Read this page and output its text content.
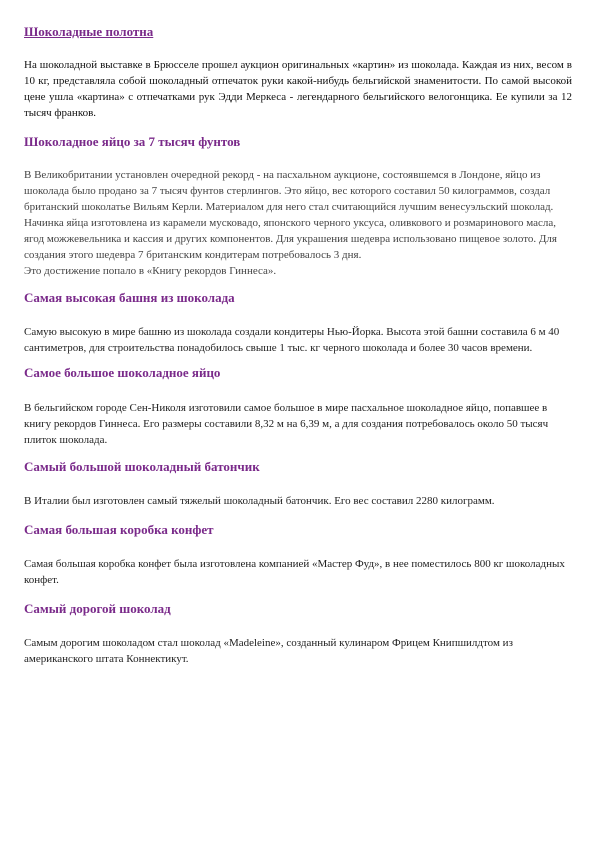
Шоколадные полотна
На шоколадной выставке в Брюсселе прошел аукцион оригинальных «картин» из шоколада. Каждая из них, весом в 10 кг, представляла собой шоколадный отпечаток руки какой-нибудь бельгийской знаменитости. По самой высокой цене ушла «картина» с отпечатками рук Эдди Меркеса - легендарного бельгийского велогонщика. Ее купили за 12 тысяч франков.
Шоколадное яйцо за 7 тысяч фунтов

В Великобритании установлен очередной рекорд - на пасхальном аукционе, состоявшемся в Лондоне, яйцо из шоколада было продано за 7 тысяч фунтов стерлингов. Это яйцо, вес которого составил 50 килограммов, создал британский шоколатье Вильям Керли. Материалом для него стал считающийся лучшим венесуэльский шоколад. Начинка яйца изготовлена из карамели мусковадо, японского черного уксуса, оливкового и розмаринового масла, ягод можжевельника и кассия и других компонентов. Для украшения шедевра использовано пищевое золото. Для создания этого шедевра 7 британским кондитерам потребовалось 3 дня.

Это достижение попало в «Книгу рекордов Гиннеса».

Самая высокая башня из шоколада

Самую высокую в мире башню из шоколада создали кондитеры Нью-Йорка. Высота этой башни составила 6 м 40 сантиметров, для строительства понадобилось свыше 1 тыс. кг черного шоколада и более 30 часов времени.

Самое большое шоколадное яйцо

В бельгийском городе Сен-Николя изготовили самое большое в мире пасхальное шоколадное яйцо, попавшее в книгу рекордов Гиннеса. Его размеры составили 8,32 м на 6,39 м, а для создания потребовалось около 50 тысяч плиток шоколада.

Самый большой шоколадный батончик

В Италии был изготовлен самый тяжелый шоколадный батончик. Его вес составил 2280 килограмм.

Самая большая коробка конфет

Самая большая коробка конфет была изготовлена компанией «Мастер Фуд», в нее поместилось 800 кг шоколадных конфет.

Самый дорогой шоколад

Самым дорогим шоколадом стал шоколад «Madeleine», созданный кулинаром Фрицем Книпшилдтом из американского штата Коннектикут.
